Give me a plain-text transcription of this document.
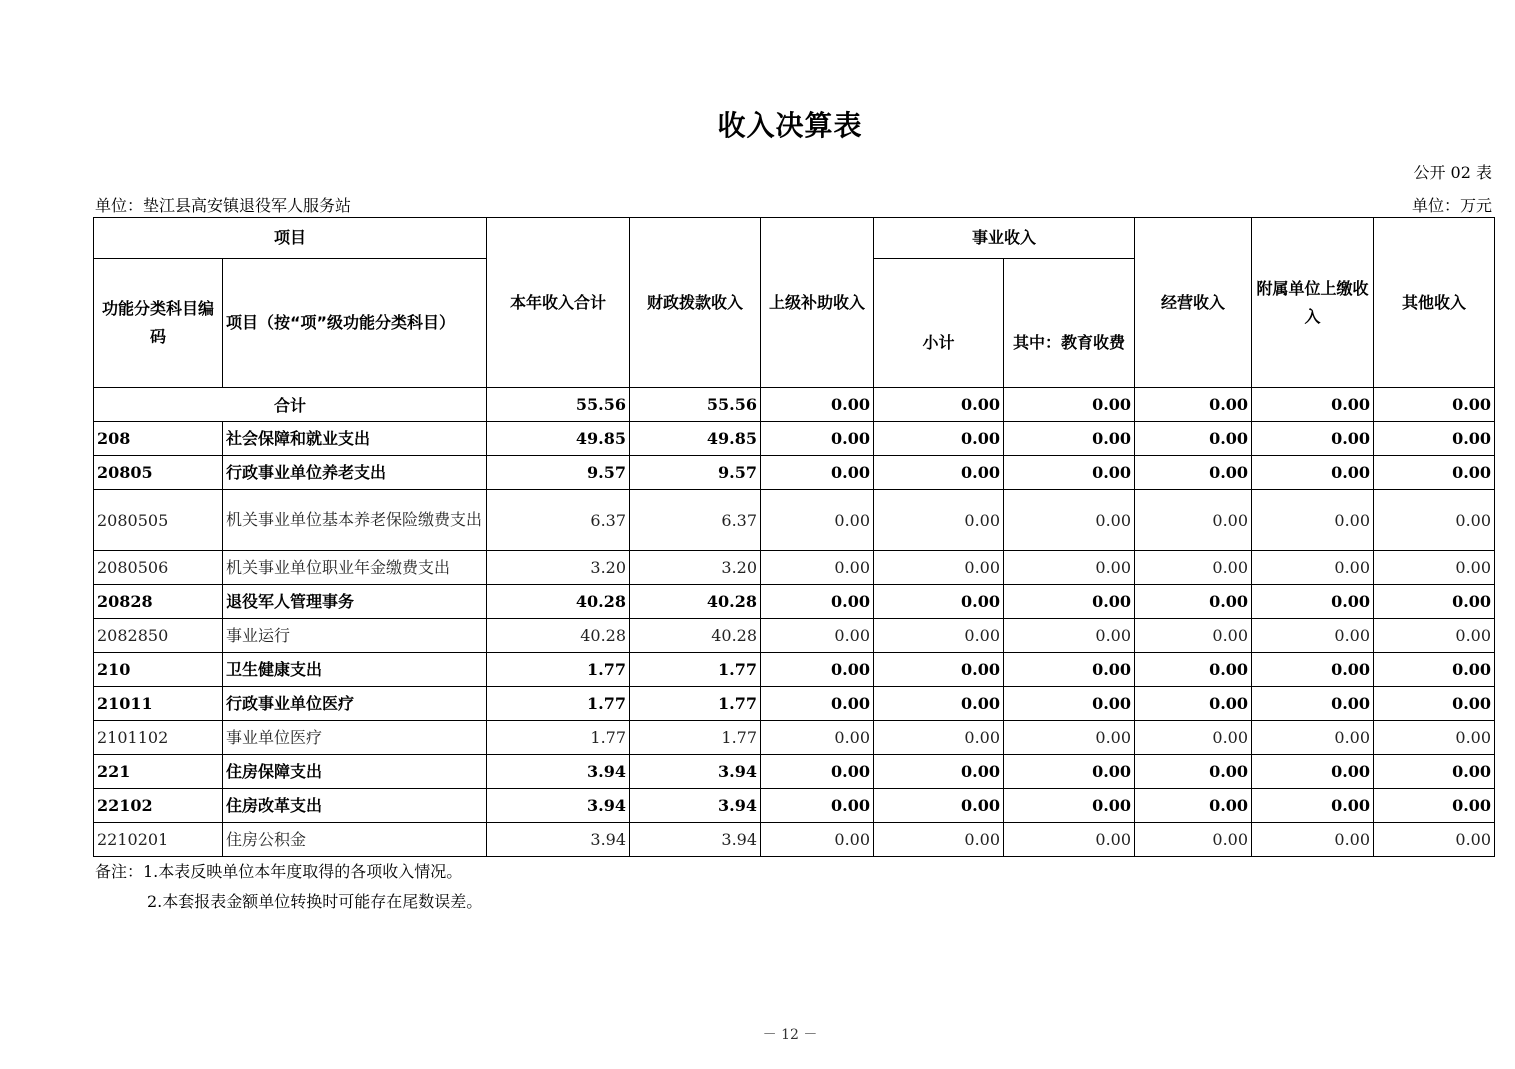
收入决算表
公开 02 表
单位：垫江县高安镇退役军人服务站	单位：万元
项目		本年收入合计	财政拨款收入	上级补助收入	事业收入		经营收入	附属单位上缴收入	其他收入
功能分类科目编码	项目（按“项”级功能分类科目）				小计	其中：教育收费			
合计		55.56	55.56	0.00	0.00	0.00	0.00	0.00	0.00
208	社会保障和就业支出	49.85	49.85	0.00	0.00	0.00	0.00	0.00	0.00
20805	行政事业单位养老支出	9.57	9.57	0.00	0.00	0.00	0.00	0.00	0.00
2080505	机关事业单位基本养老保险缴费支出	6.37	6.37	0.00	0.00	0.00	0.00	0.00	0.00
2080506	机关事业单位职业年金缴费支出	3.20	3.20	0.00	0.00	0.00	0.00	0.00	0.00
20828	退役军人管理事务	40.28	40.28	0.00	0.00	0.00	0.00	0.00	0.00
2082850	事业运行	40.28	40.28	0.00	0.00	0.00	0.00	0.00	0.00
210	卫生健康支出	1.77	1.77	0.00	0.00	0.00	0.00	0.00	0.00
21011	行政事业单位医疗	1.77	1.77	0.00	0.00	0.00	0.00	0.00	0.00
2101102	事业单位医疗	1.77	1.77	0.00	0.00	0.00	0.00	0.00	0.00
221	住房保障支出	3.94	3.94	0.00	0.00	0.00	0.00	0.00	0.00
22102	住房改革支出	3.94	3.94	0.00	0.00	0.00	0.00	0.00	0.00
2210201	住房公积金	3.94	3.94	0.00	0.00	0.00	0.00	0.00	0.00
备注：1.本表反映单位本年度取得的各项收入情况。
2.本套报表金额单位转换时可能存在尾数误差。
－ 12 －
